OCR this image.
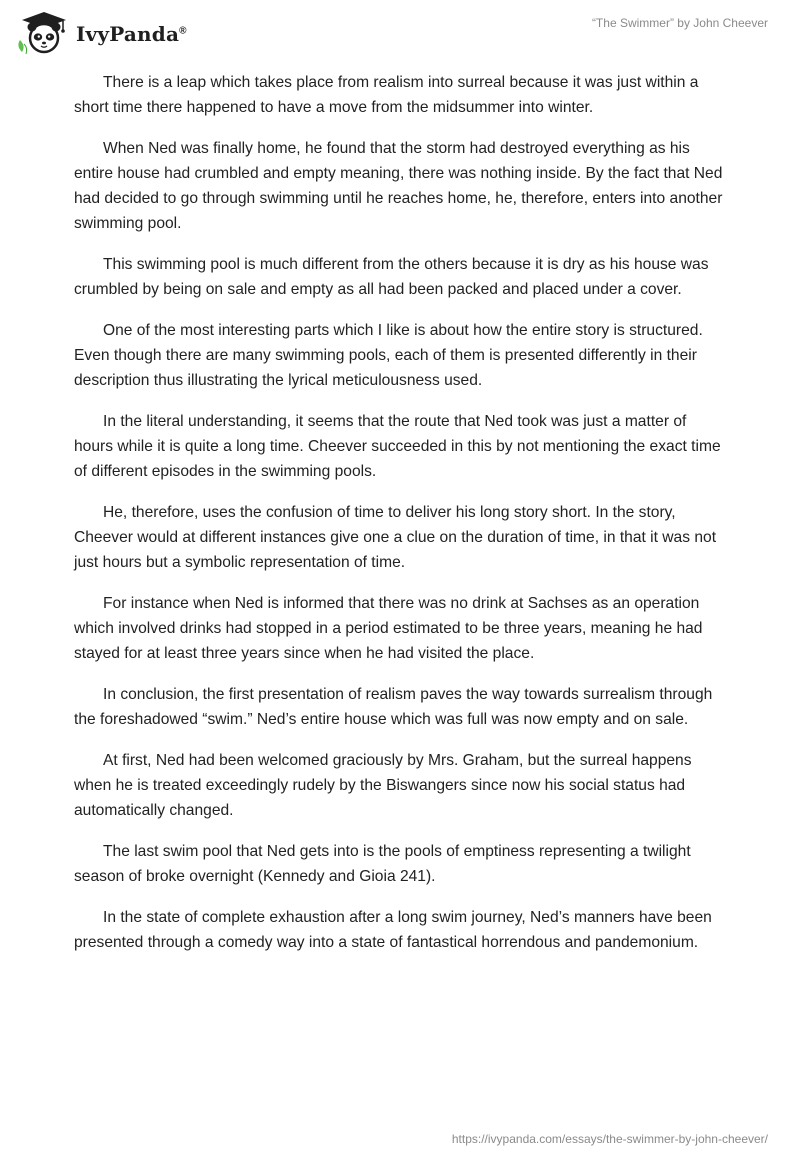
IvyPanda®
“The Swimmer” by John Cheever

There is a leap which takes place from realism into surreal because it was just within a short time there happened to have a move from the midsummer into winter.

When Ned was finally home, he found that the storm had destroyed everything as his entire house had crumbled and empty meaning, there was nothing inside. By the fact that Ned had decided to go through swimming until he reaches home, he, therefore, enters into another swimming pool.

This swimming pool is much different from the others because it is dry as his house was crumbled by being on sale and empty as all had been packed and placed under a cover.

One of the most interesting parts which I like is about how the entire story is structured. Even though there are many swimming pools, each of them is presented differently in their description thus illustrating the lyrical meticulousness used.

In the literal understanding, it seems that the route that Ned took was just a matter of hours while it is quite a long time. Cheever succeeded in this by not mentioning the exact time of different episodes in the swimming pools.

He, therefore, uses the confusion of time to deliver his long story short. In the story, Cheever would at different instances give one a clue on the duration of time, in that it was not just hours but a symbolic representation of time.

For instance when Ned is informed that there was no drink at Sachses as an operation which involved drinks had stopped in a period estimated to be three years, meaning he had stayed for at least three years since when he had visited the place.

In conclusion, the first presentation of realism paves the way towards surrealism through the foreshadowed “swim.” Ned’s entire house which was full was now empty and on sale.

At first, Ned had been welcomed graciously by Mrs. Graham, but the surreal happens when he is treated exceedingly rudely by the Biswangers since now his social status had automatically changed.

The last swim pool that Ned gets into is the pools of emptiness representing a twilight season of broke overnight (Kennedy and Gioia 241).

In the state of complete exhaustion after a long swim journey, Ned’s manners have been presented through a comedy way into a state of fantastical horrendous and pandemonium.

https://ivypanda.com/essays/the-swimmer-by-john-cheever/
